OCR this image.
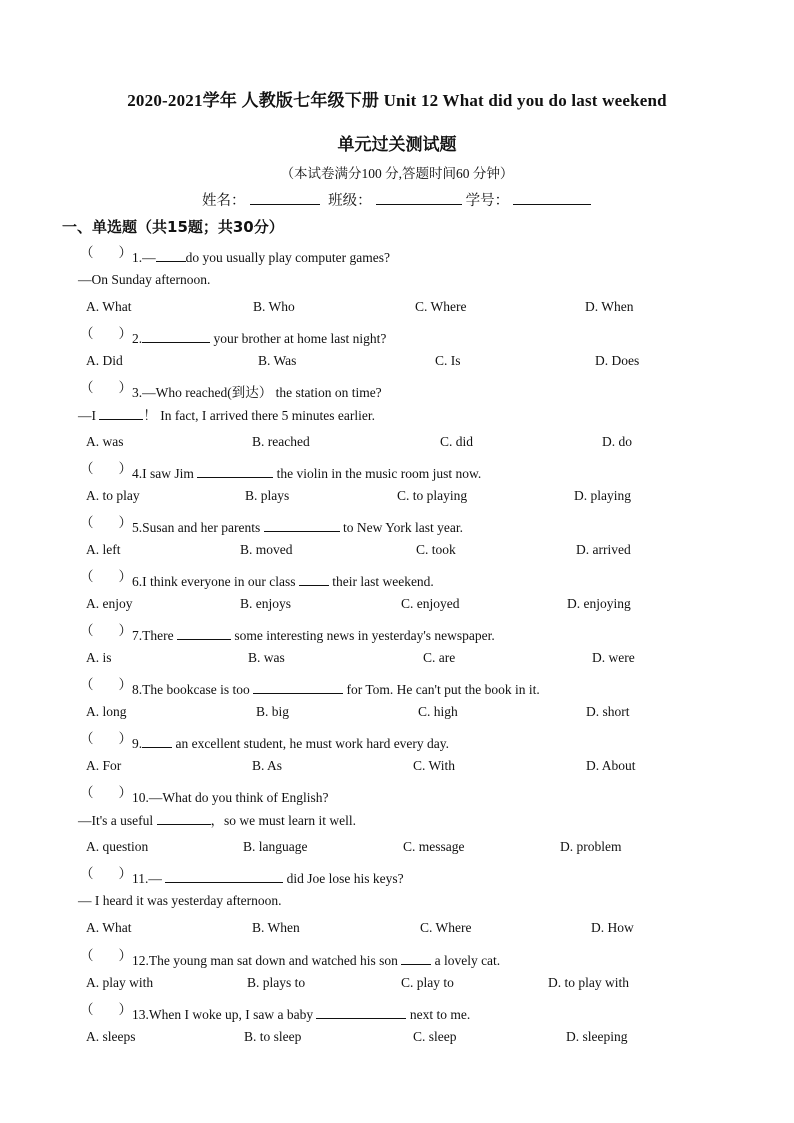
2020-2021学年 人教版七年级下册 Unit 12 What did you do last weekend
单元过关测试题
（本试卷满分100 分,答题时间60 分钟）
姓名：	班级：	学号：
一、单选题（共15题；共30分）
（ ） 1.— do you usually play computer games?
—On Sunday afternoon.
A. What	B. Who	C. Where	D. When
（ ） 2.	your brother at home last night?
A. Did	B. Was	C. Is	D. Does
（ ） 3.—Who reached(到达） the station on time?
—I	！ In fact, I arrived there 5 minutes earlier.
A. was	B. reached	C. did	D. do
（ ） 4.I saw Jim	the violin in the music room just now.
A. to play	B. plays	C. to playing	D. playing
（ ） 5.Susan and her parents	to New York last year.
A. left	B. moved	C. took	D. arrived
（ ） 6.I think everyone in our class  their last weekend.
A. enjoy	B. enjoys	C. enjoyed	D. enjoying
（ ） 7.There	some interesting news in yesterday's newspaper.
A. is	B. was	C. are	D. were
（ ） 8.The bookcase is too	for Tom. He can't put the book in it.
A. long	B. big	C. high	D. short
（ ） 9. an excellent student, he must work hard every day.
A. For	B. As	C. With	D. About
（ ） 10.—What do you think of English?
—It's a useful	，so we must learn it well.
A. question	B. language	C. message	D. problem
（ ） 11.—	did Joe lose his keys?
— I heard it was yesterday afternoon.
A. What	B. When	C. Where	D. How
（ ） 12.The young man sat down and watched his son  a lovely cat.
A. play with	B. plays to	C. play to	D. to play with
（ ） 13.When I woke up, I saw a baby	next to me.
A. sleeps	B. to sleep	C. sleep	D. sleeping
